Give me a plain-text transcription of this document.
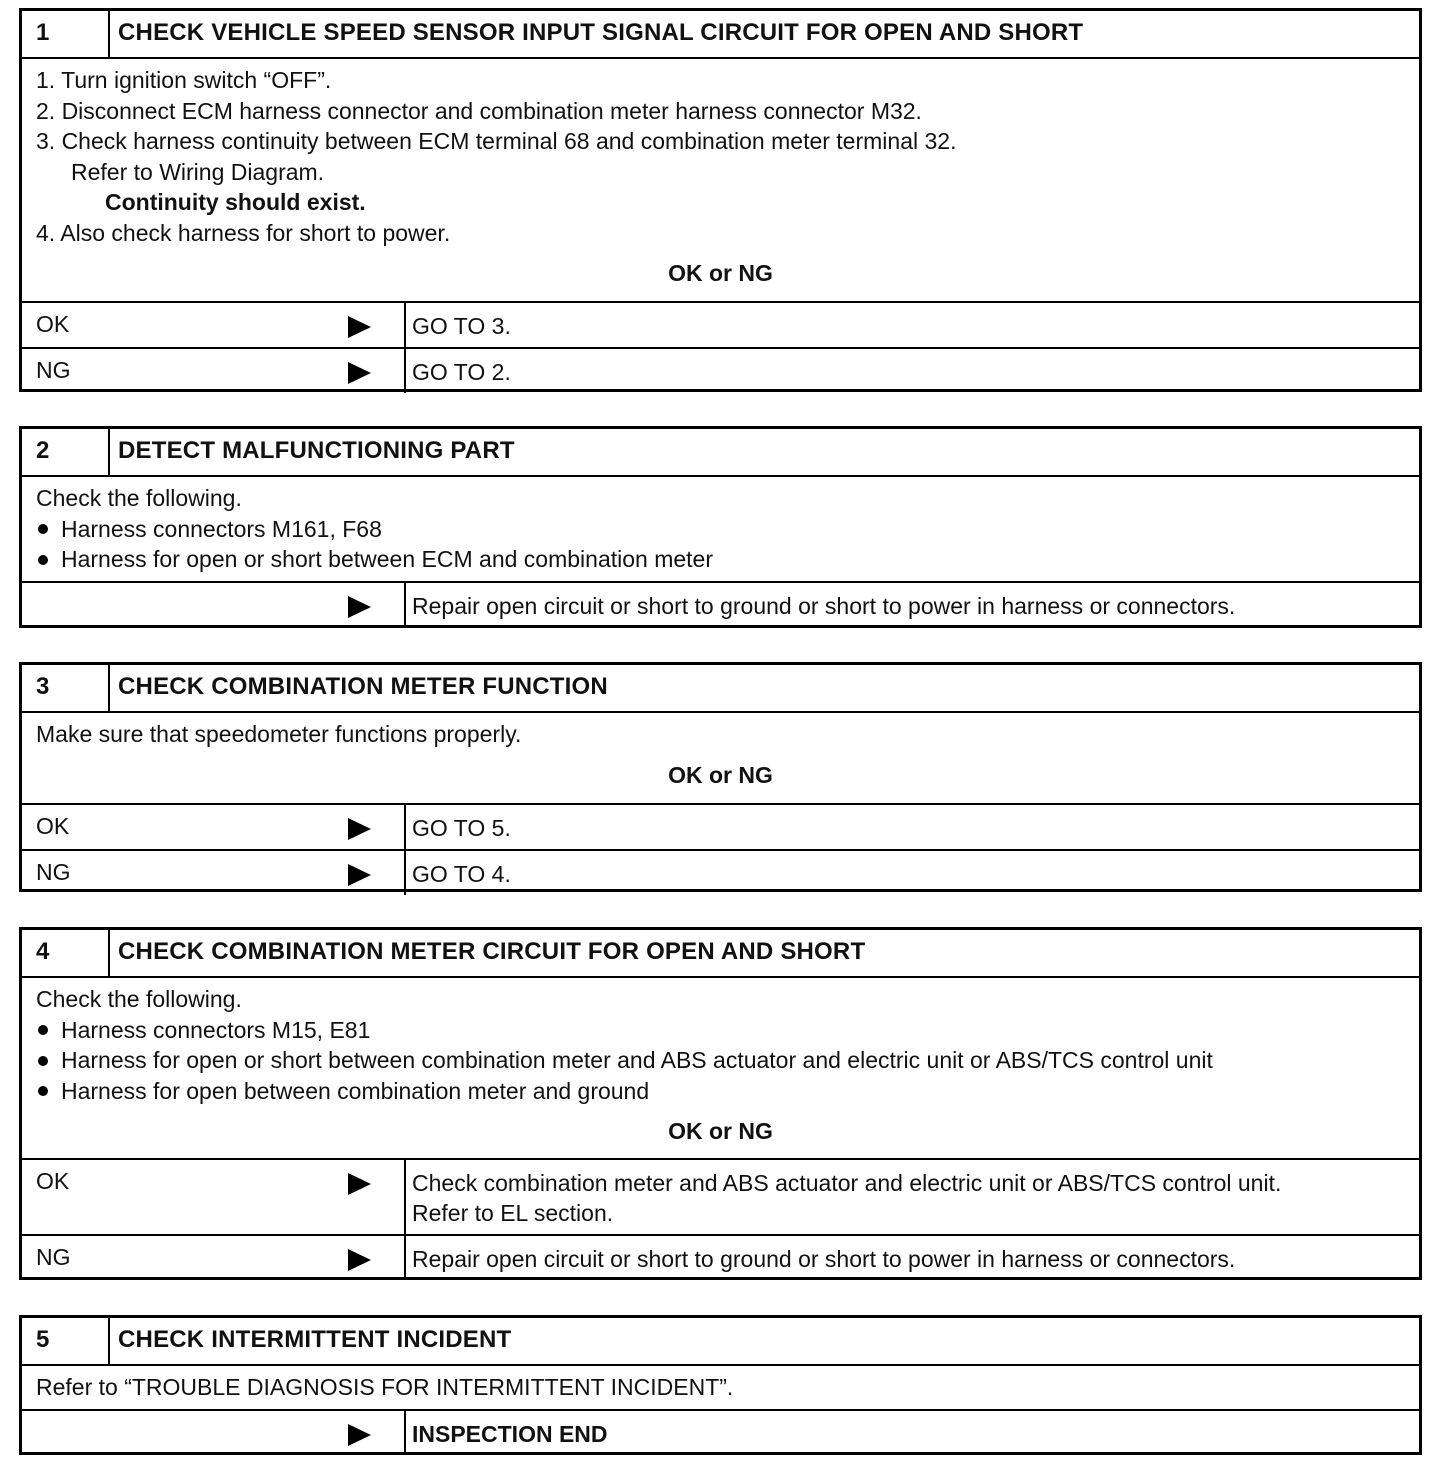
1	CHECK VEHICLE SPEED SENSOR INPUT SIGNAL CIRCUIT FOR OPEN AND SHORT
1. Turn ignition switch “OFF”.
2. Disconnect ECM harness connector and combination meter harness connector M32.
3. Check harness continuity between ECM terminal 68 and combination meter terminal 32.
Refer to Wiring Diagram.
Continuity should exist.
4. Also check harness for short to power.
OK or NG
OK	GO TO 3.
NG	GO TO 2.
2	DETECT MALFUNCTIONING PART
Check the following.
Harness connectors M161, F68
Harness for open or short between ECM and combination meter
Repair open circuit or short to ground or short to power in harness or connectors.
3	CHECK COMBINATION METER FUNCTION
Make sure that speedometer functions properly.
OK or NG
OK	GO TO 5.
NG	GO TO 4.
4	CHECK COMBINATION METER CIRCUIT FOR OPEN AND SHORT
Check the following.
Harness connectors M15, E81
Harness for open or short between combination meter and ABS actuator and electric unit or ABS/TCS control unit
Harness for open between combination meter and ground
OK or NG
OK	Check combination meter and ABS actuator and electric unit or ABS/TCS control unit.
Refer to EL section.
NG	Repair open circuit or short to ground or short to power in harness or connectors.
5	CHECK INTERMITTENT INCIDENT
Refer to “TROUBLE DIAGNOSIS FOR INTERMITTENT INCIDENT”.
INSPECTION END
